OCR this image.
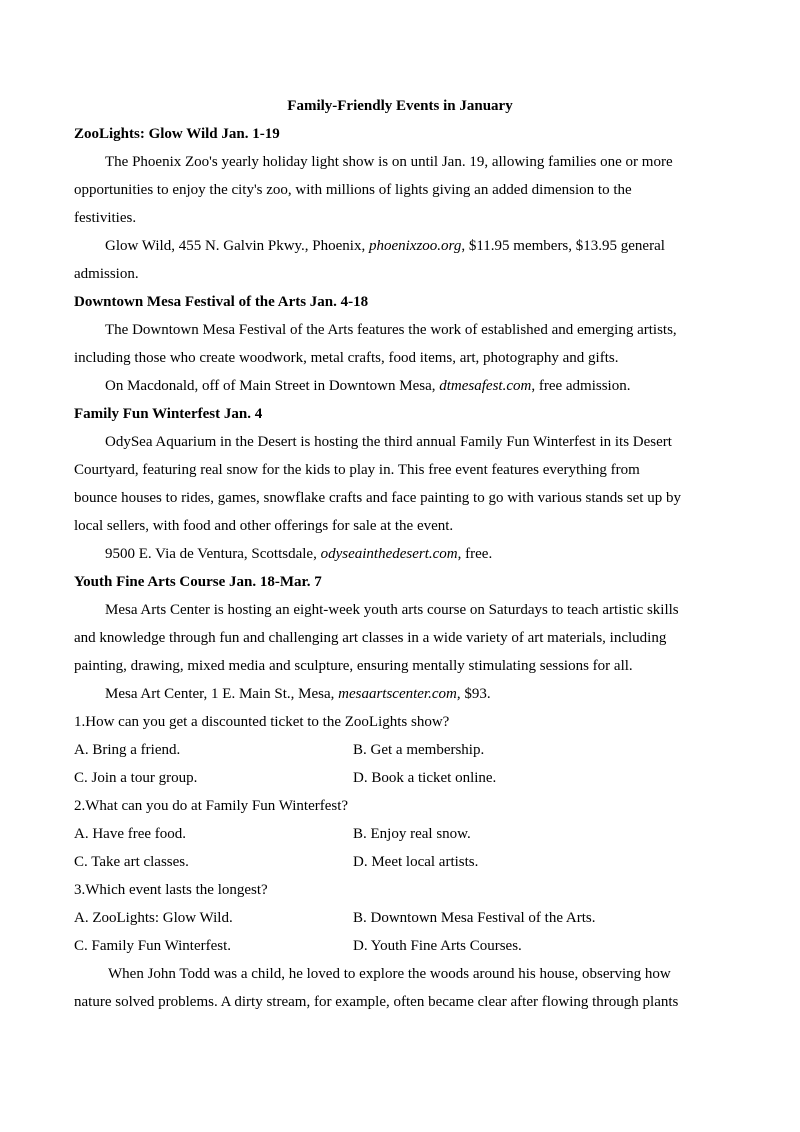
Family-Friendly Events in January
ZooLights: Glow Wild Jan. 1-19
The Phoenix Zoo's yearly holiday light show is on until Jan. 19, allowing families one or more
opportunities to enjoy the city's zoo, with millions of lights giving an added dimension to the
festivities.
Glow Wild, 455 N. Galvin Pkwy., Phoenix, phoenixzoo.org, $11.95 members, $13.95 general
admission.
Downtown Mesa Festival of the Arts Jan. 4-18
The Downtown Mesa Festival of the Arts features the work of established and emerging artists,
including those who create woodwork, metal crafts, food items, art, photography and gifts.
On Macdonald, off of Main Street in Downtown Mesa, dtmesafest.com, free admission.
Family Fun Winterfest Jan. 4
OdySea Aquarium in the Desert is hosting the third annual Family Fun Winterfest in its Desert
Courtyard, featuring real snow for the kids to play in. This free event features everything from
bounce houses to rides, games, snowflake crafts and face painting to go with various stands set up by
local sellers, with food and other offerings for sale at the event.
9500 E. Via de Ventura, Scottsdale, odyseainthedesert.com, free.
Youth Fine Arts Course Jan. 18-Mar. 7
Mesa Arts Center is hosting an eight-week youth arts course on Saturdays to teach artistic skills
and knowledge through fun and challenging art classes in a wide variety of art materials, including
painting, drawing, mixed media and sculpture, ensuring mentally stimulating sessions for all.
Mesa Art Center, 1 E. Main St., Mesa, mesaartscenter.com, $93.
1.How can you get a discounted ticket to the ZooLights show?
A. Bring a friend.	B. Get a membership.
C. Join a tour group.	D. Book a ticket online.
2.What can you do at Family Fun Winterfest?
A. Have free food.	B. Enjoy real snow.
C. Take art classes.	D. Meet local artists.
3.Which event lasts the longest?
A. ZooLights: Glow Wild.	B. Downtown Mesa Festival of the Arts.
C. Family Fun Winterfest.	D. Youth Fine Arts Courses.
When John Todd was a child, he loved to explore the woods around his house, observing how
nature solved problems. A dirty stream, for example, often became clear after flowing through plants
